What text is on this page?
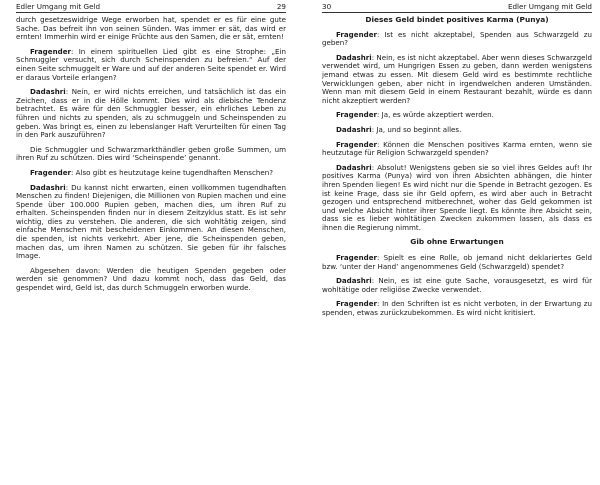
Edler Umgang mit Geld	29

durch gesetzeswidrige Wege erworben hat, spendet er es für eine gute Sache. Das befreit ihn von seinen Sünden. Was immer er sät, das wird er ernten! Immerhin wird er einige Früchte aus den Samen, die er sät, ernten!

Fragender: In einem spirituellen Lied gibt es eine Strophe: „Ein Schmuggler versucht, sich durch Scheinspenden zu befreien.“ Auf der einen Seite schmuggelt er Ware und auf der anderen Seite spendet er. Wird er daraus Vorteile erlangen?

Dadashri: Nein, er wird nichts erreichen, und tatsächlich ist das ein Zeichen, dass er in die Hölle kommt. Dies wird als diebische Tendenz betrachtet. Es wäre für den Schmuggler besser, ein ehrliches Leben zu führen und nichts zu spenden, als zu schmuggeln und Scheinspenden zu geben. Was bringt es, einen zu lebenslanger Haft Verurteilten für einen Tag in den Park auszuführen?

Die Schmuggler und Schwarzmarkthändler geben große Summen, um ihren Ruf zu schützen. Dies wird ‘Scheinspende’ genannt.

Fragender: Also gibt es heutzutage keine tugendhaften Menschen?

Dadashri: Du kannst nicht erwarten, einen vollkommen tugendhaften Menschen zu finden! Diejenigen, die Millionen von Rupien machen und eine Spende über 100.000 Rupien geben, machen dies, um ihren Ruf zu erhalten. Scheinspenden finden nur in diesem Zeitzyklus statt. Es ist sehr wichtig, dies zu verstehen. Die anderen, die sich wohltätig zeigen, sind einfache Menschen mit bescheidenen Einkommen. An diesen Menschen, die spenden, ist nichts verkehrt. Aber jene, die Scheinspenden geben, machen das, um ihren Namen zu schützen. Sie geben für ihr falsches Image.

Abgesehen davon: Werden die heutigen Spenden gegeben oder werden sie genommen? Und dazu kommt noch, dass das Geld, das gespendet wird, Geld ist, das durch Schmuggeln erworben wurde.

30	Edler Umgang mit Geld
Dieses Geld bindet positives Karma (Punya)

Fragender: Ist es nicht akzeptabel, Spenden aus Schwarzgeld zu geben?

Dadashri: Nein, es ist nicht akzeptabel. Aber wenn dieses Schwarzgeld verwendet wird, um Hungrigen Essen zu geben, dann werden wenigstens jemand etwas zu essen. Mit diesem Geld wird es bestimmte rechtliche Verwicklungen geben, aber nicht in irgendwelchen anderen Umständen. Wenn man mit diesem Geld in einem Restaurant bezahlt, würde es dann nicht akzeptiert werden?

Fragender: Ja, es würde akzeptiert werden.

Dadashri: Ja, und so beginnt alles.

Fragender: Können die Menschen positives Karma ernten, wenn sie heutzutage für Religion Schwarzgeld spenden?

Dadashri: Absolut! Wenigstens geben sie so viel ihres Geldes auf! Ihr positives Karma (Punya) wird von ihren Absichten abhängen, die hinter ihren Spenden liegen! Es wird nicht nur die Spende in Betracht gezogen. Es ist keine Frage, dass sie ihr Geld opfern, es wird aber auch in Betracht gezogen und entsprechend mitberechnet, woher das Geld gekommen ist und welche Absicht hinter ihrer Spende liegt. Es könnte ihre Absicht sein, dass sie es lieber wohltätigen Zwecken zukommen lassen, als dass es ihnen die Regierung nimmt.

Gib ohne Erwartungen

Fragender: Spielt es eine Rolle, ob jemand nicht deklariertes Geld bzw. ‘unter der Hand’ angenommenes Geld (Schwarzgeld) spendet?

Dadashri: Nein, es ist eine gute Sache, vorausgesetzt, es wird für wohltätige oder religiöse Zwecke verwendet.

Fragender: In den Schriften ist es nicht verboten, in der Erwartung zu spenden, etwas zurückzubekommen. Es wird nicht kritisiert.
